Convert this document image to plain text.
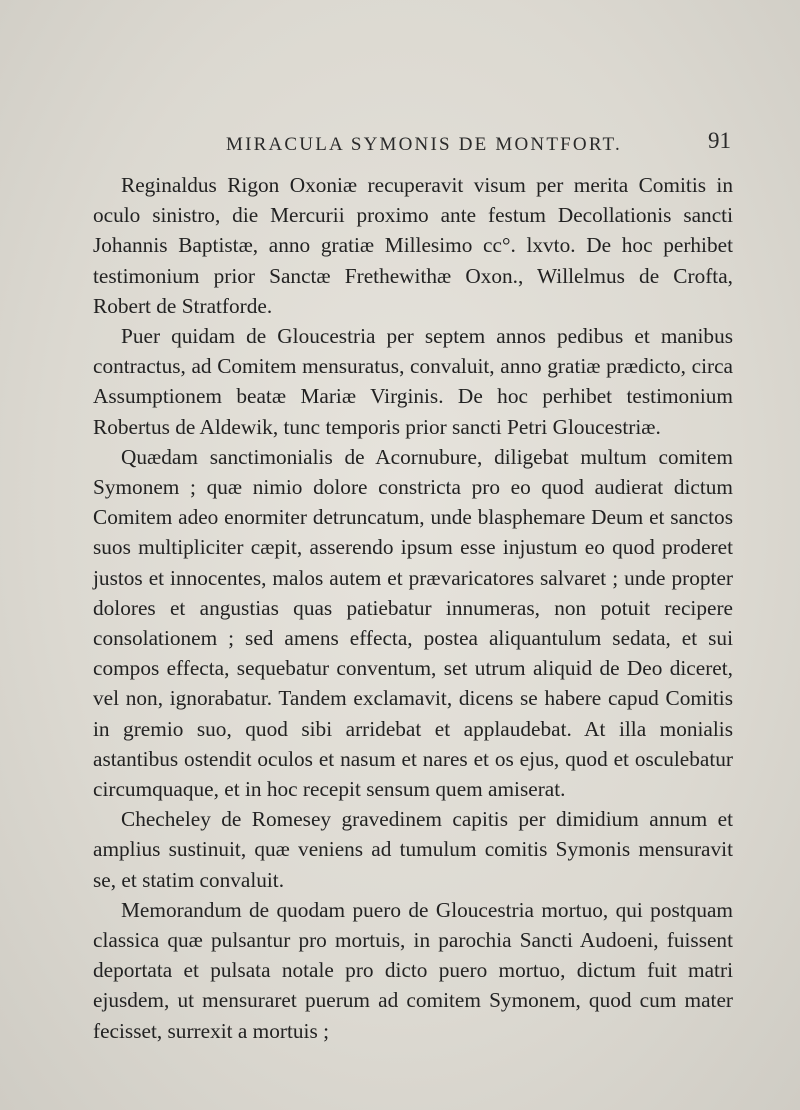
MIRACULA SYMONIS DE MONTFORT.	91

Reginaldus Rigon Oxoniæ recuperavit visum per merita Comitis in oculo sinistro, die Mercurii proximo ante festum Decollationis sancti Johannis Baptistæ, anno gratiæ Millesimo cc°. lxvto. De hoc perhibet testimonium prior Sanctæ Frethewithæ Oxon., Willelmus de Crofta, Robert de Stratforde.

Puer quidam de Gloucestria per septem annos pedibus et manibus contractus, ad Comitem mensuratus, convaluit, anno gratiæ prædicto, circa Assumptionem beatæ Mariæ Virginis. De hoc perhibet testimonium Robertus de Aldewik, tunc temporis prior sancti Petri Gloucestriæ.

Quædam sanctimonialis de Acornubure, diligebat multum comitem Symonem ; quæ nimio dolore constricta pro eo quod audierat dictum Comitem adeo enormiter detruncatum, unde blasphemare Deum et sanctos suos multipliciter cæpit, asserendo ipsum esse injustum eo quod proderet justos et innocentes, malos autem et prævaricatores salvaret ; unde propter dolores et angustias quas patiebatur innumeras, non potuit recipere consolationem ; sed amens effecta, postea aliquantulum sedata, et sui compos effecta, sequebatur conventum, set utrum aliquid de Deo diceret, vel non, ignorabatur. Tandem exclamavit, dicens se habere capud Comitis in gremio suo, quod sibi arridebat et applaudebat. At illa monialis astantibus ostendit oculos et nasum et nares et os ejus, quod et osculebatur circumquaque, et in hoc recepit sensum quem amiserat.

Checheley de Romesey gravedinem capitis per dimidium annum et amplius sustinuit, quæ veniens ad tumulum comitis Symonis mensuravit se, et statim convaluit.

Memorandum de quodam puero de Gloucestria mortuo, qui postquam classica quæ pulsantur pro mortuis, in parochia Sancti Audoeni, fuissent deportata et pulsata notale pro dicto puero mortuo, dictum fuit matri ejusdem, ut mensuraret puerum ad comitem Symonem, quod cum mater fecisset, surrexit a mortuis ;
